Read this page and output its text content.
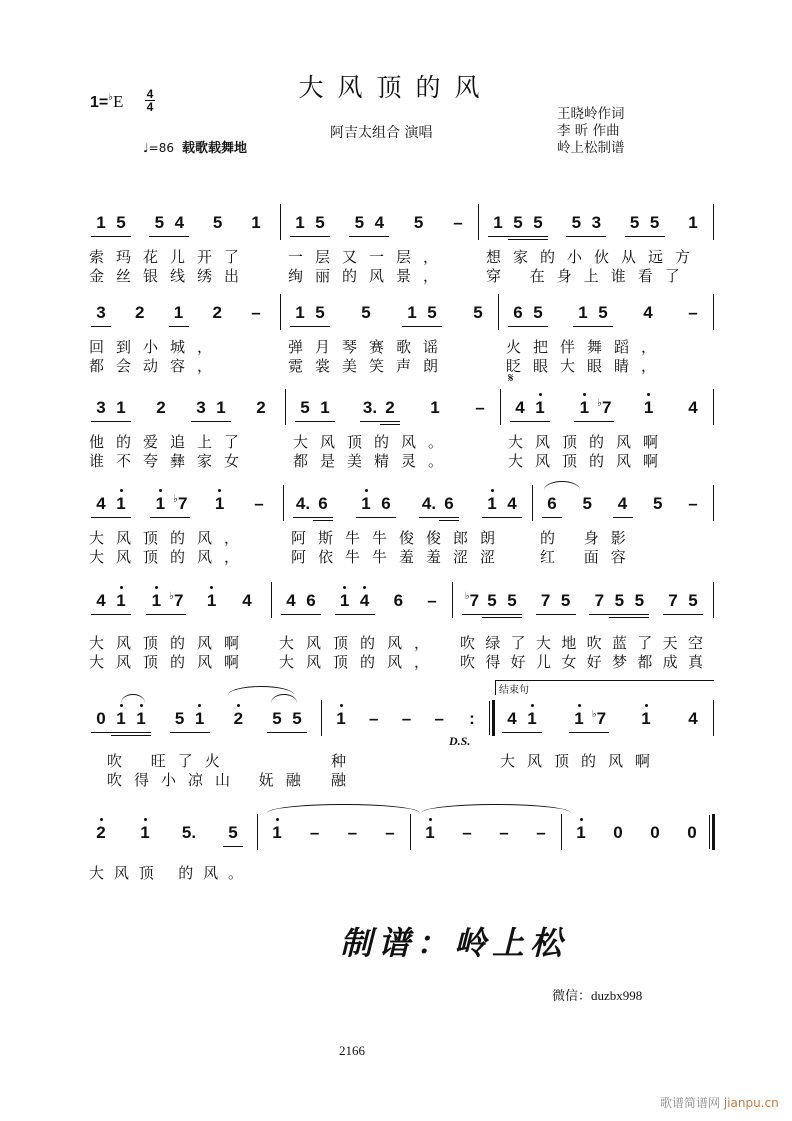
大风顶的风
1=♭E 4
4
阿吉太组合 演唱
王晓岭作词
李 昕 作曲
岭上松制谱
♩=86 载歌载舞地
1 5	5 4	5	1	1 5	5 4	5	–	1 5 5	5 3	5 5	1
索玛花儿开了
金丝银线绣出
一层又一层，
绚丽的风景，
想家的小伙从远方
穿 在身上谁看了
3	2	1	2	–	1 5	5	1 5	5	6 5	1 5	4	–
回到小城，
都会动容，
弹月琴赛歌谣
霓裳美笑声朗
火把伴舞蹈，
眨眼大眼睛，
3 1	2	3 1	2	5 1	3. 2	1	–	4 1	1 ♭7	1	4
他的爱追上了
谁不夸彝家女
大风顶的风。
都是美精灵。
大风顶的风啊
大风顶的风啊
𝄋
4 1	1 ♭7	1	–	4. 6	1 6	4. 6	1 4	6	5	4	5	–
大风顶的风，
大风顶的风，
阿斯牛牛俊俊郎朗
阿依牛牛羞羞涩涩
的 身影
红 面容
4 1	1 ♭7	1	4	4 6	1 4	6	–	♭7 5 5	7 5	7 5 5	7 5
大风顶的风啊
大风顶的风啊
大风顶的风，
大风顶的风，
吹绿了大地吹蓝了天空
吹得好儿女好梦都成真
0 1 1	5 1	2	5 5	1	–	–	–	:	4 1	1 ♭7	1	4
吹 旺了火
吹得小凉山 妩融
种
融
大风顶的风啊
D.S.
结束句
2	1	5.	5	1	–	–	–	1	–	–	–	1	0	0	0
大风顶 的风。
制谱：岭上松
微信：duzbx998
2166
歌谱简谱网 jianpu.cn
